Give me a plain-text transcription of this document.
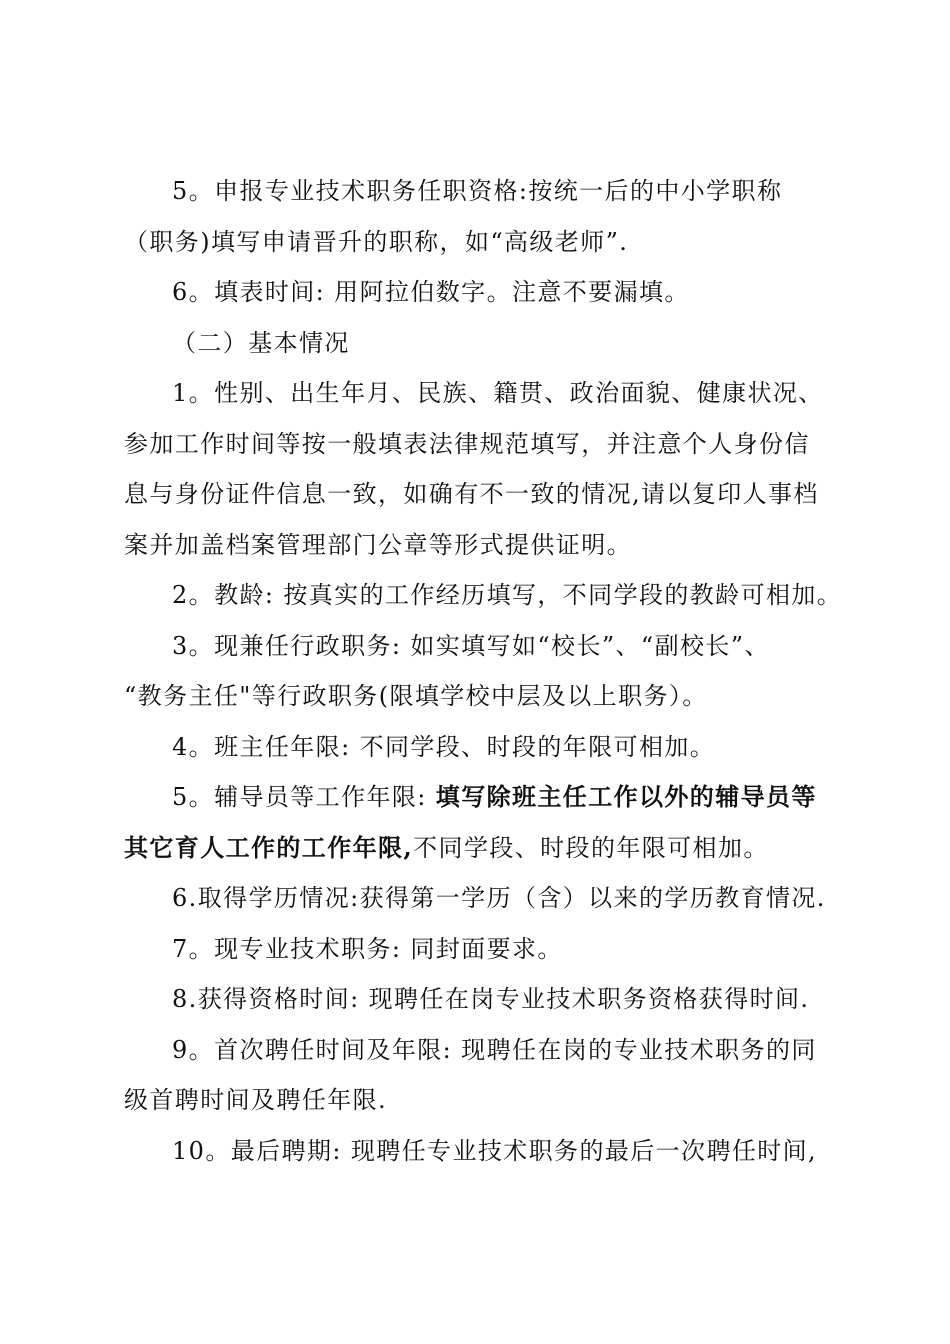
5。申报专业技术职务任职资格:按统一后的中小学职称
（职务)填写申请晋升的职称，如“高级老师”.
6。填表时间: 用阿拉伯数字。注意不要漏填。
（二）基本情况
1。性别、出生年月、民族、籍贯、政治面貌、健康状况、
参加工作时间等按一般填表法律规范填写，并注意个人身份信
息与身份证件信息一致，如确有不一致的情况,请以复印人事档
案并加盖档案管理部门公章等形式提供证明。
2。教龄: 按真实的工作经历填写，不同学段的教龄可相加。
3。现兼任行政职务: 如实填写如“校长”、“副校长”、
“教务主任"等行政职务(限填学校中层及以上职务）。
4。班主任年限: 不同学段、时段的年限可相加。
5。辅导员等工作年限: 填写除班主任工作以外的辅导员等
其它育人工作的工作年限,不同学段、时段的年限可相加。
6.取得学历情况:获得第一学历（含）以来的学历教育情况.
7。现专业技术职务: 同封面要求。
8.获得资格时间: 现聘任在岗专业技术职务资格获得时间.
9。首次聘任时间及年限: 现聘任在岗的专业技术职务的同
级首聘时间及聘任年限.
10。最后聘期: 现聘任专业技术职务的最后一次聘任时间,
